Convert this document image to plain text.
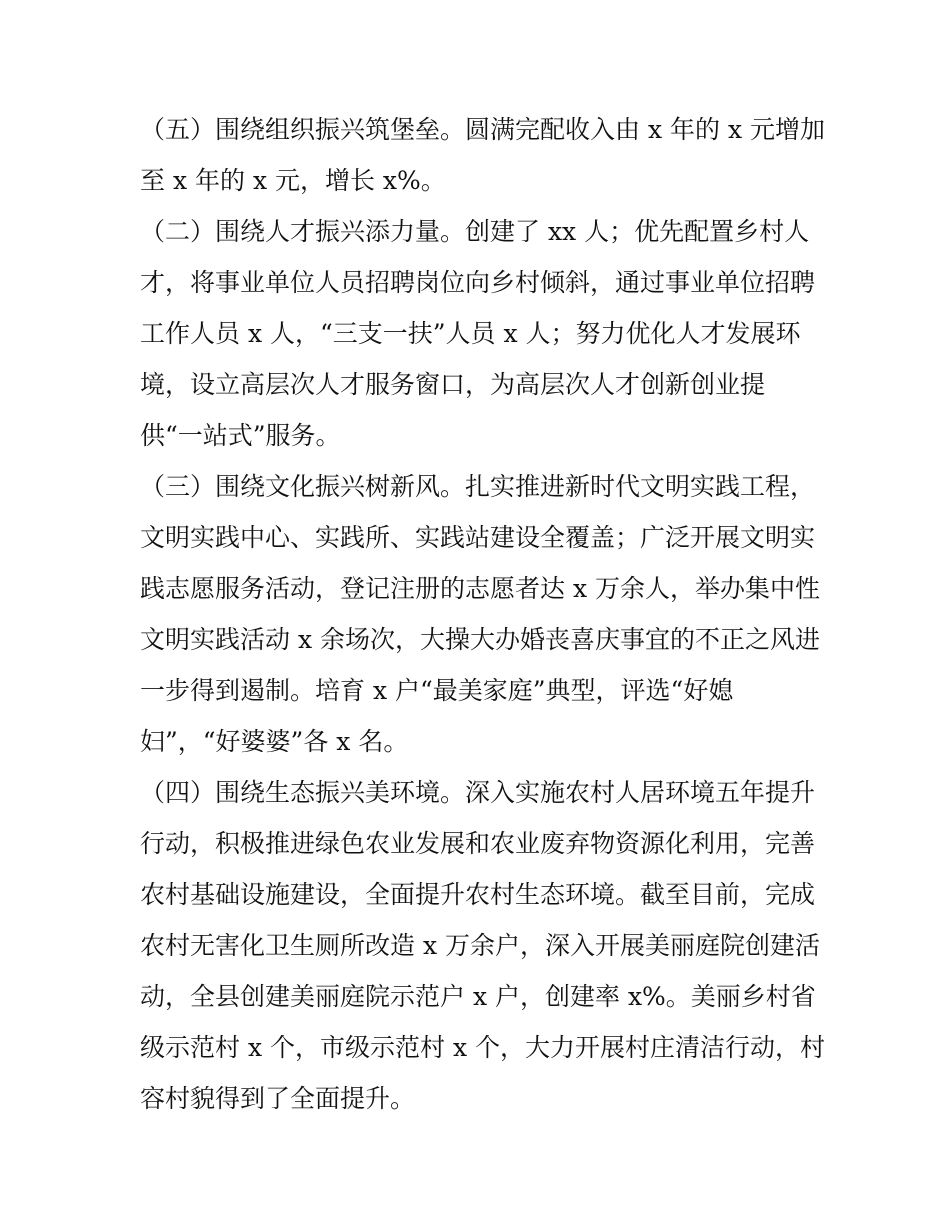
（五）围绕组织振兴筑堡垒。圆满完配收入由 x 年的 x 元增加
至 x 年的 x 元，增长 x%。
（二）围绕人才振兴添力量。创建了 xx 人；优先配置乡村人
才，将事业单位人员招聘岗位向乡村倾斜，通过事业单位招聘
工作人员 x 人，“三支一扶”人员 x 人；努力优化人才发展环
境，设立高层次人才服务窗口，为高层次人才创新创业提
供“一站式”服务。
（三）围绕文化振兴树新风。扎实推进新时代文明实践工程，
文明实践中心、实践所、实践站建设全覆盖；广泛开展文明实
践志愿服务活动，登记注册的志愿者达 x 万余人，举办集中性
文明实践活动 x 余场次，大操大办婚丧喜庆事宜的不正之风进
一步得到遏制。培育 x 户“最美家庭”典型，评选“好媳
妇”，“好婆婆”各 x 名。
（四）围绕生态振兴美环境。深入实施农村人居环境五年提升
行动，积极推进绿色农业发展和农业废弃物资源化利用，完善
农村基础设施建设，全面提升农村生态环境。截至目前，完成
农村无害化卫生厕所改造 x 万余户，深入开展美丽庭院创建活
动，全县创建美丽庭院示范户 x 户，创建率 x%。美丽乡村省
级示范村 x 个，市级示范村 x 个，大力开展村庄清洁行动，村
容村貌得到了全面提升。
